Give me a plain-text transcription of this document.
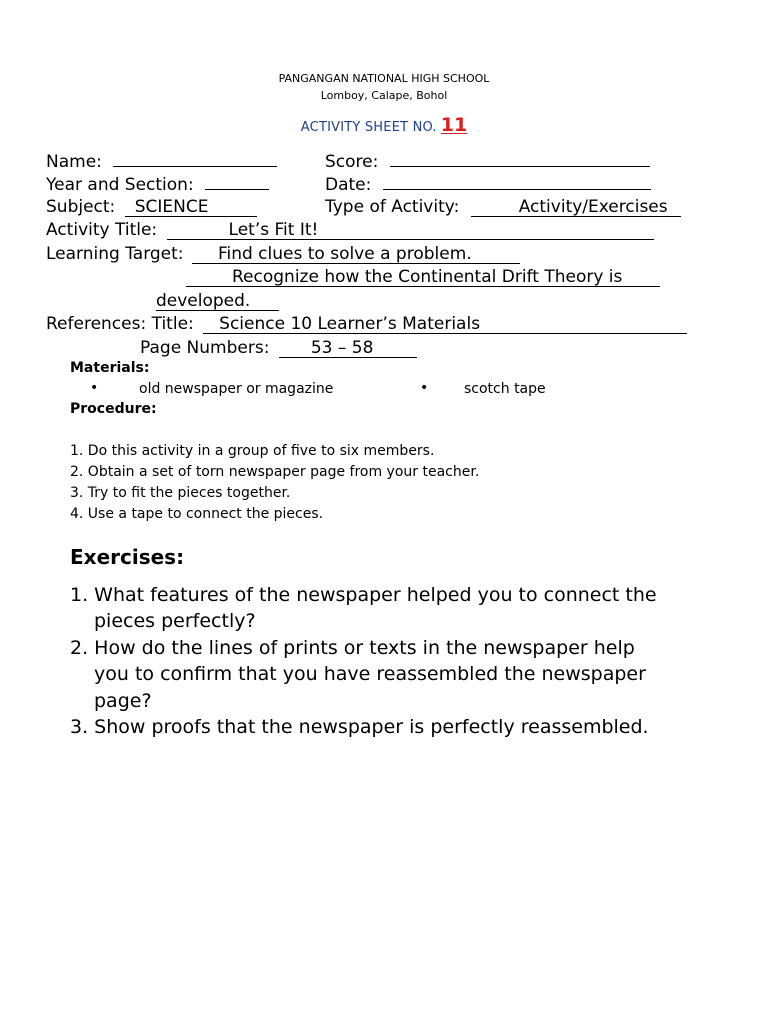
PANGANGAN NATIONAL HIGH SCHOOL
Lomboy, Calape, Bohol
ACTIVITY SHEET NO. 11
Name:	Score:
Year and Section:	Date:
Subject: SCIENCE	Type of Activity:	Activity/Exercises
Activity Title:	Let’s Fit It!
Learning Target: Find clues to solve a problem.
Recognize how the Continental Drift Theory is
developed.
References: Title: Science 10 Learner’s Materials
Page Numbers: 53 – 58
Materials:
•	old newspaper or magazine	•	scotch tape
Procedure:
1. Do this activity in a group of five to six members.
2. Obtain a set of torn newspaper page from your teacher.
3. Try to fit the pieces together.
4. Use a tape to connect the pieces.
Exercises:
1. What features of the newspaper helped you to connect the
pieces perfectly?
2. How do the lines of prints or texts in the newspaper help
you to confirm that you have reassembled the newspaper
page?
3. Show proofs that the newspaper is perfectly reassembled.
